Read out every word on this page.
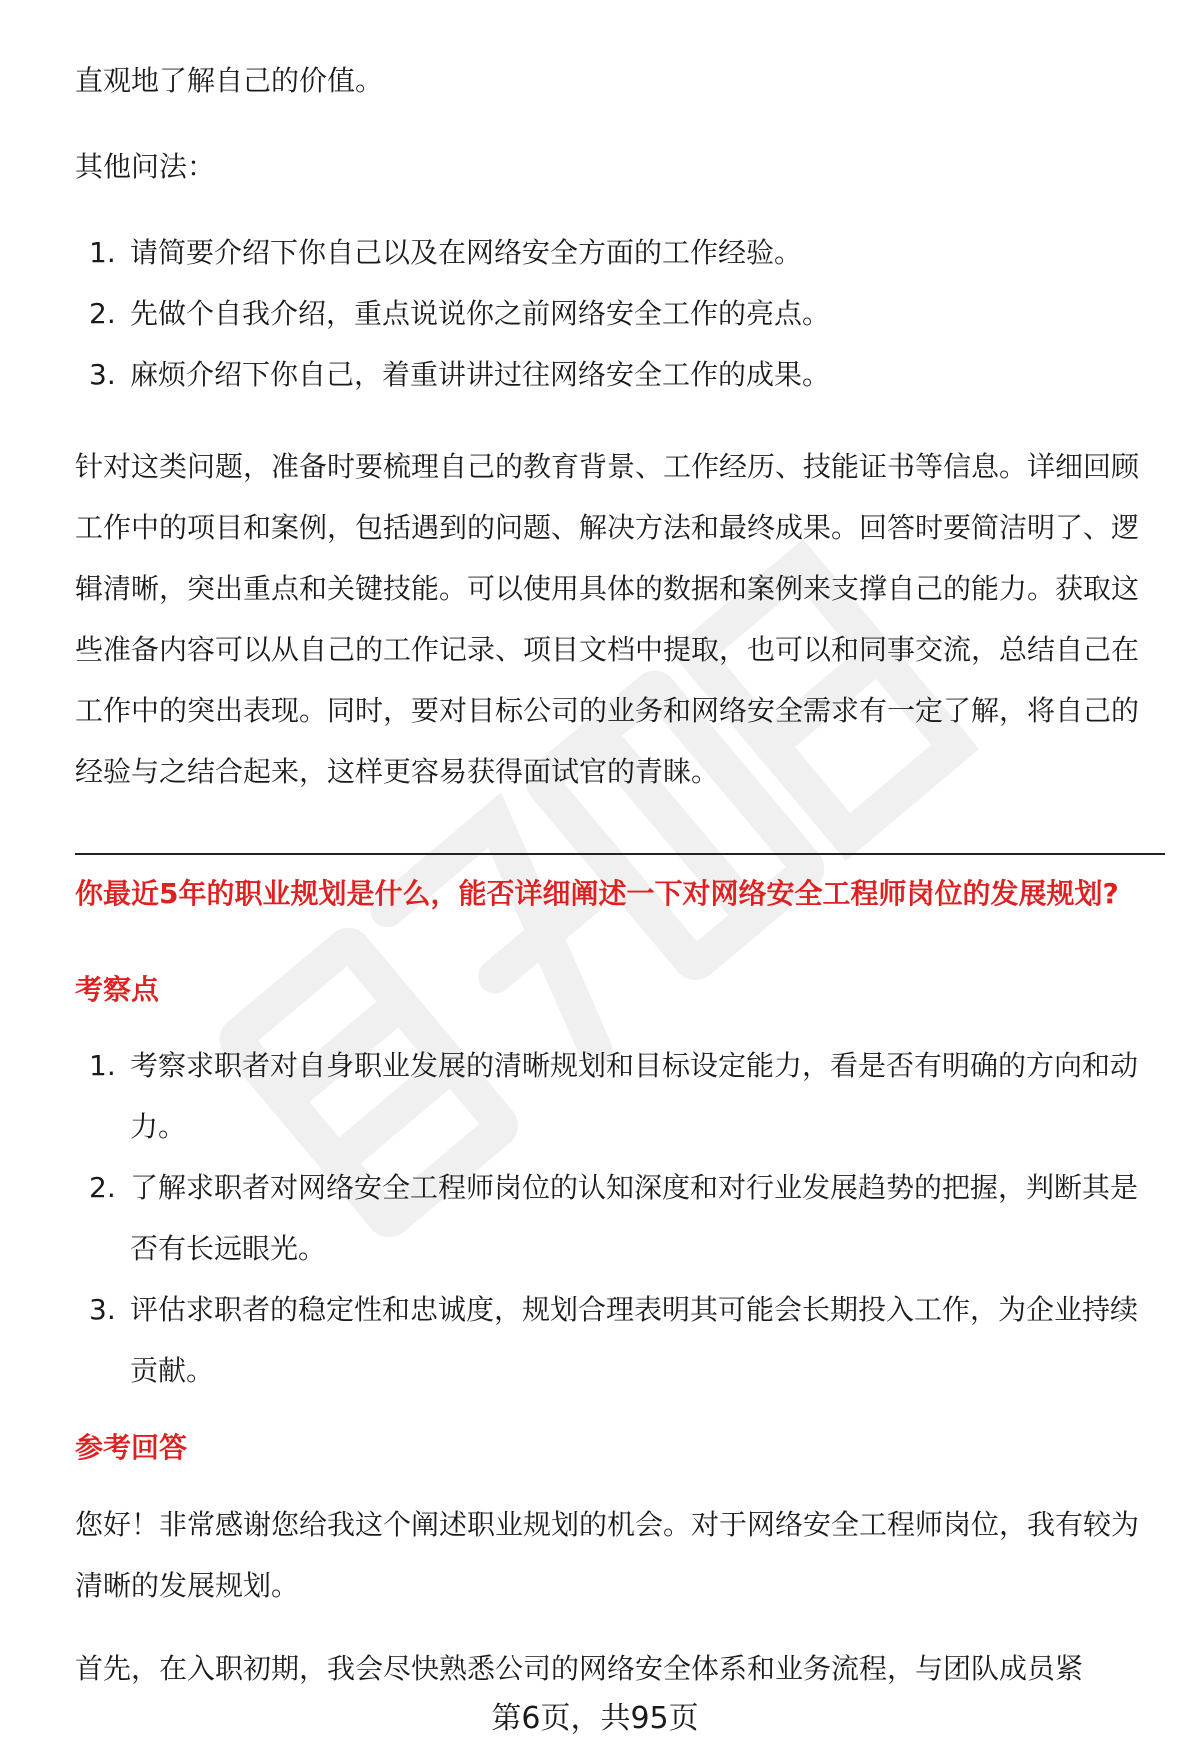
直观地了解自己的价值。

其他问法：

1. 请简要介绍下你自己以及在网络安全方面的工作经验。
2. 先做个自我介绍，重点说说你之前网络安全工作的亮点。
3. 麻烦介绍下你自己，着重讲讲过往网络安全工作的成果。

针对这类问题，准备时要梳理自己的教育背景、工作经历、技能证书等信息。详细回顾工作中的项目和案例，包括遇到的问题、解决方法和最终成果。回答时要简洁明了、逻辑清晰，突出重点和关键技能。可以使用具体的数据和案例来支撑自己的能力。获取这些准备内容可以从自己的工作记录、项目文档中提取，也可以和同事交流，总结自己在工作中的突出表现。同时，要对目标公司的业务和网络安全需求有一定了解，将自己的经验与之结合起来，这样更容易获得面试官的青睐。

你最近5年的职业规划是什么，能否详细阐述一下对网络安全工程师岗位的发展规划?

考察点

1. 考察求职者对自身职业发展的清晰规划和目标设定能力，看是否有明确的方向和动力。
2. 了解求职者对网络安全工程师岗位的认知深度和对行业发展趋势的把握，判断其是否有长远眼光。
3. 评估求职者的稳定性和忠诚度，规划合理表明其可能会长期投入工作，为企业持续贡献。

参考回答

您好！非常感谢您给我这个阐述职业规划的机会。对于网络安全工程师岗位，我有较为清晰的发展规划。

首先，在入职初期，我会尽快熟悉公司的网络安全体系和业务流程，与团队成员紧

第6页，共95页
